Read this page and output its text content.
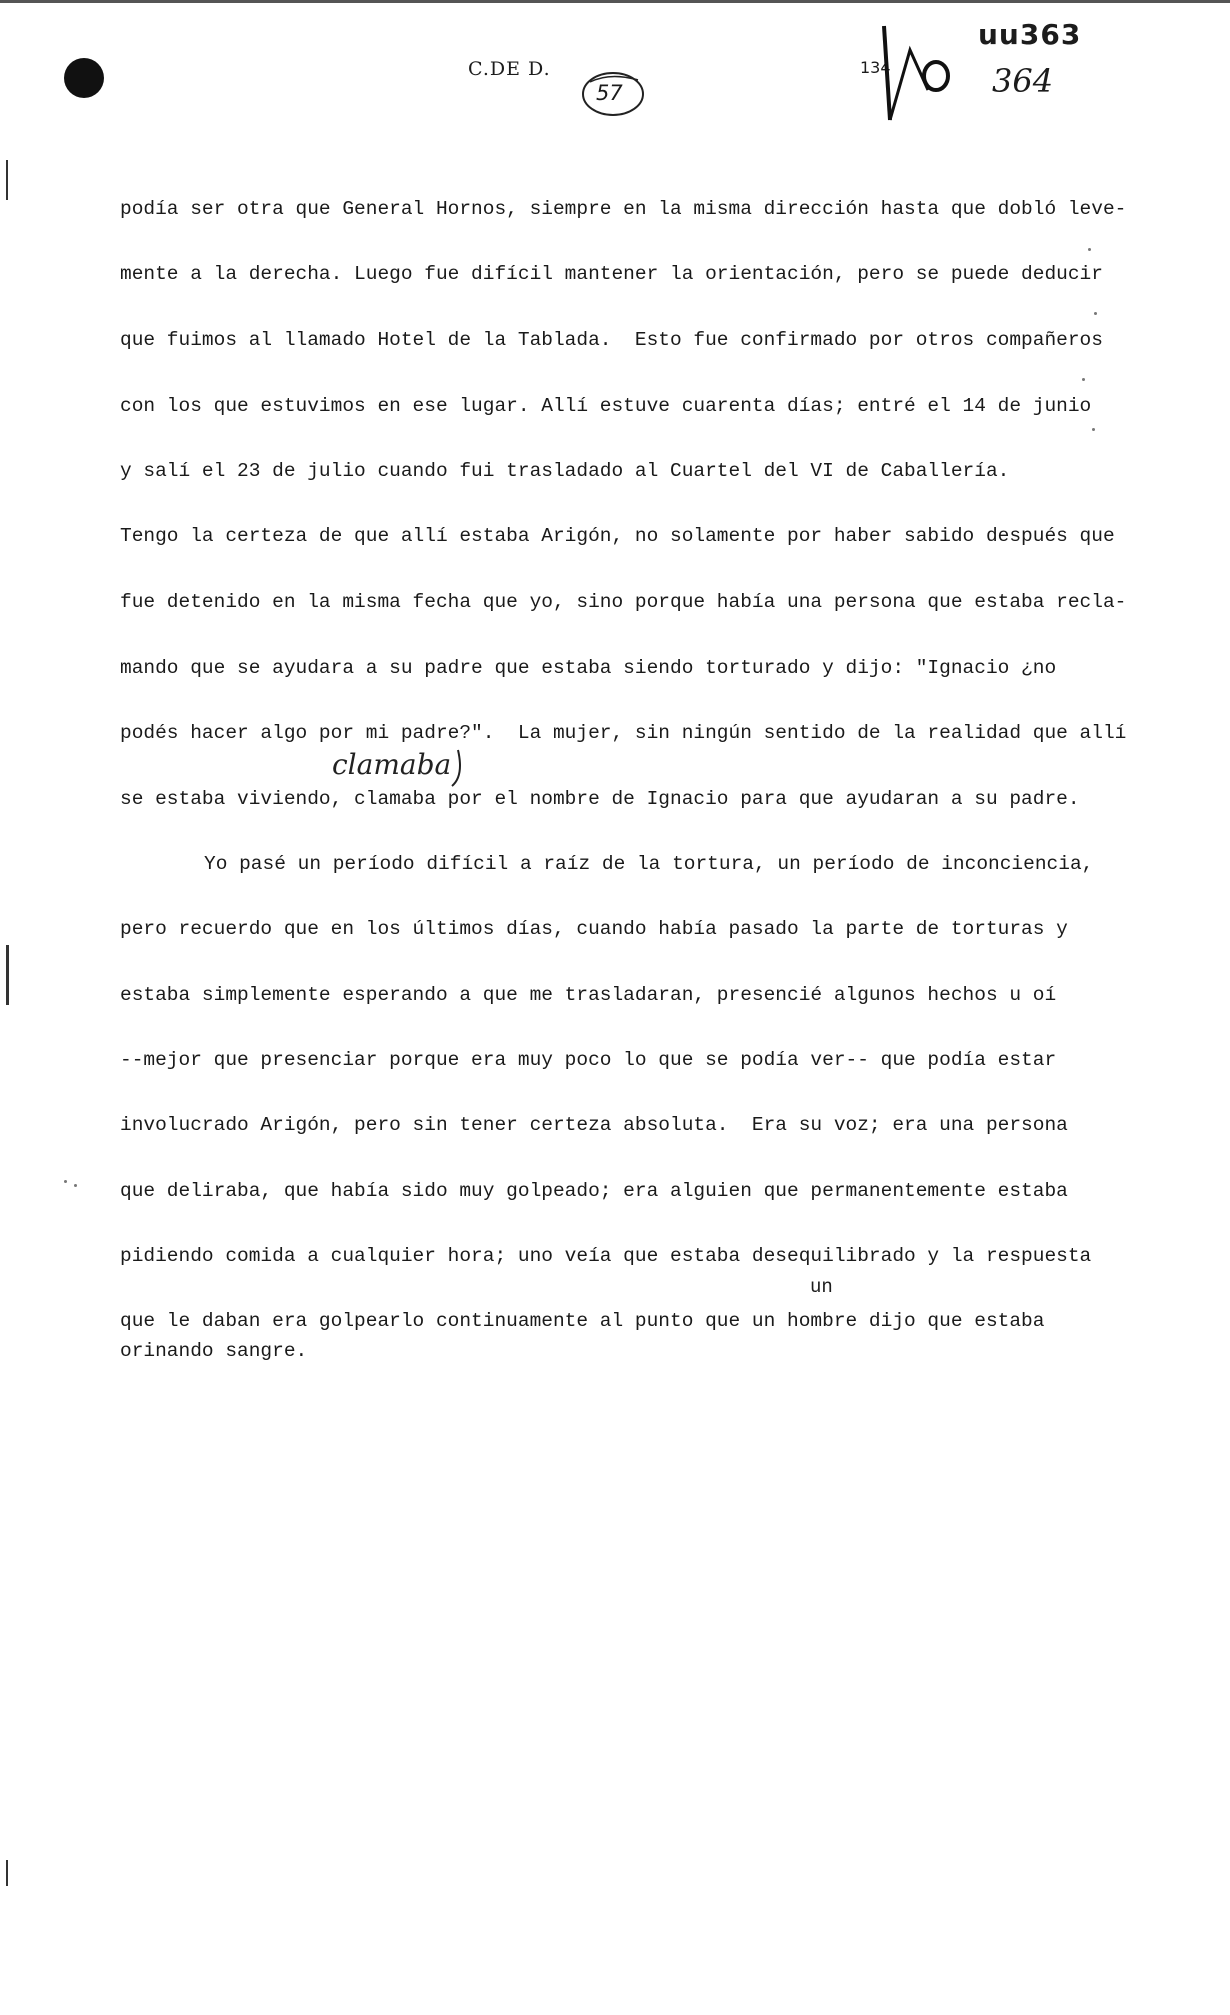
C.DE D.
57
134
uu363
364
podía ser otra que General Hornos, siempre en la misma dirección hasta que dobló leve-
mente a la derecha. Luego fue difícil mantener la orientación, pero se puede deducir
que fuimos al llamado Hotel de la Tablada.  Esto fue confirmado por otros compañeros
con los que estuvimos en ese lugar. Allí estuve cuarenta días; entré el 14 de junio
y salí el 23 de julio cuando fui trasladado al Cuartel del VI de Caballería.
Tengo la certeza de que allí estaba Arigón, no solamente por haber sabido después que
fue detenido en la misma fecha que yo, sino porque había una persona que estaba recla-
mando que se ayudara a su padre que estaba siendo torturado y dijo: "Ignacio ¿no
podés hacer algo por mi padre?".  La mujer, sin ningún sentido de la realidad que allí
clamaba
se estaba viviendo, clamaba por el nombre de Ignacio para que ayudaran a su padre.
Yo pasé un período difícil a raíz de la tortura, un período de inconciencia,
pero recuerdo que en los últimos días, cuando había pasado la parte de torturas y
estaba simplemente esperando a que me trasladaran, presencié algunos hechos u oí
--mejor que presenciar porque era muy poco lo que se podía ver-- que podía estar
involucrado Arigón, pero sin tener certeza absoluta.  Era su voz; era una persona
que deliraba, que había sido muy golpeado; era alguien que permanentemente estaba
pidiendo comida a cualquier hora; uno veía que estaba desequilibrado y la respuesta
un
que le daban era golpearlo continuamente al punto que un hombre dijo que estaba
orinando sangre.
